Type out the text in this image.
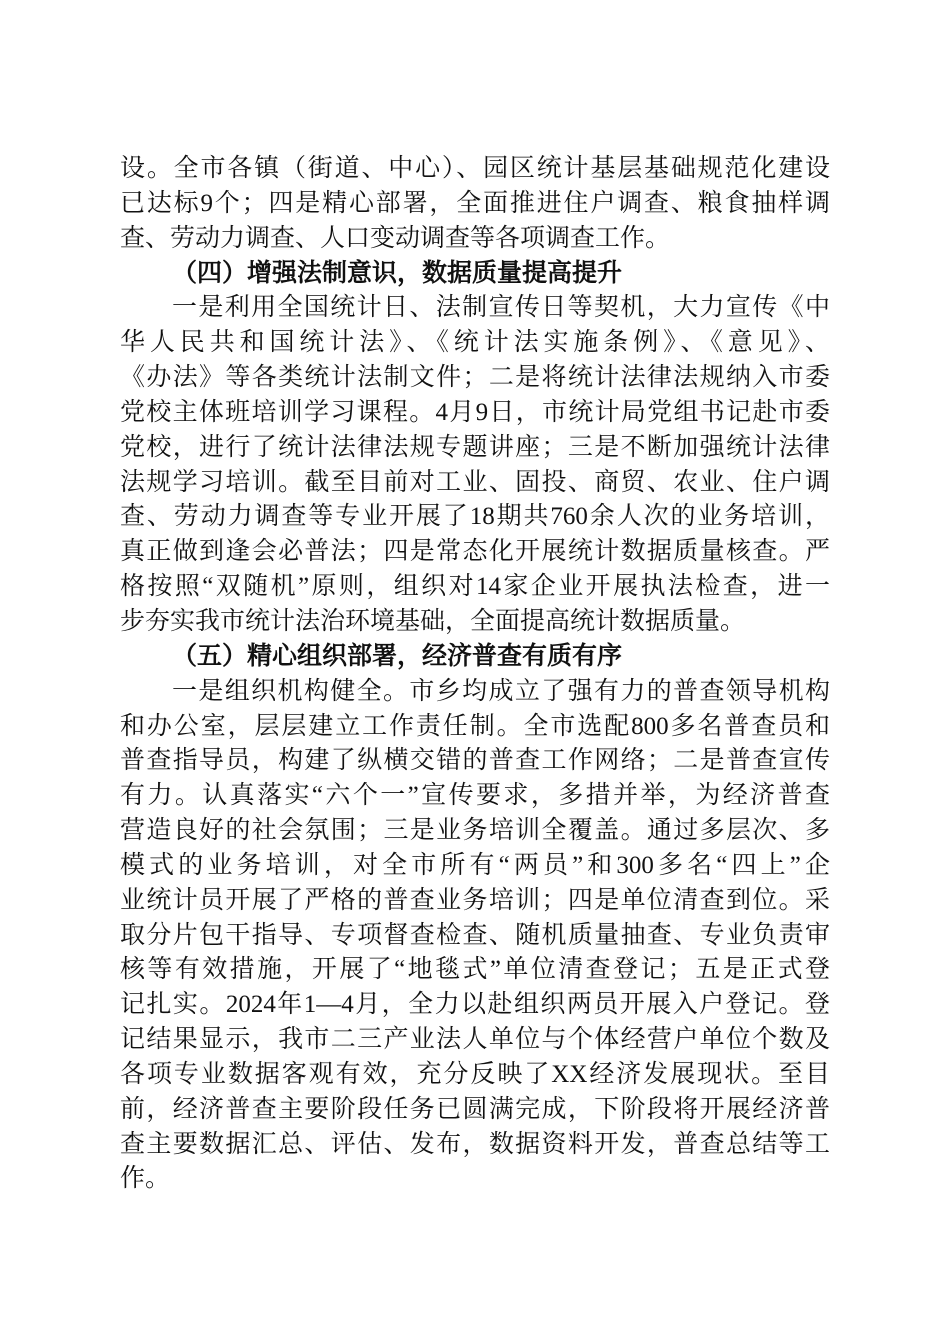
设。全市各镇（街道、中心）、园区统计基层基础规范化建设
已达标9个；四是精心部署，全面推进住户调查、粮食抽样调
查、劳动力调查、人口变动调查等各项调查工作。
（四）增强法制意识，数据质量提高提升
一是利用全国统计日、法制宣传日等契机，大力宣传《中
华人民共和国统计法》、《统计法实施条例》、《意见》、
《办法》等各类统计法制文件；二是将统计法律法规纳入市委
党校主体班培训学习课程。4月9日，市统计局党组书记赴市委
党校，进行了统计法律法规专题讲座；三是不断加强统计法律
法规学习培训。截至目前对工业、固投、商贸、农业、住户调
查、劳动力调查等专业开展了18期共760余人次的业务培训，
真正做到逢会必普法；四是常态化开展统计数据质量核查。严
格按照“双随机”原则，组织对14家企业开展执法检查，进一
步夯实我市统计法治环境基础，全面提高统计数据质量。
（五）精心组织部署，经济普查有质有序
一是组织机构健全。市乡均成立了强有力的普查领导机构
和办公室，层层建立工作责任制。全市选配800多名普查员和
普查指导员，构建了纵横交错的普查工作网络；二是普查宣传
有力。认真落实“六个一”宣传要求，多措并举，为经济普查
营造良好的社会氛围；三是业务培训全覆盖。通过多层次、多
模式的业务培训，对全市所有“两员”和300多名“四上”企
业统计员开展了严格的普查业务培训；四是单位清查到位。采
取分片包干指导、专项督查检查、随机质量抽查、专业负责审
核等有效措施，开展了“地毯式”单位清查登记；五是正式登
记扎实。2024年1—4月，全力以赴组织两员开展入户登记。登
记结果显示，我市二三产业法人单位与个体经营户单位个数及
各项专业数据客观有效，充分反映了XX经济发展现状。至目
前，经济普查主要阶段任务已圆满完成，下阶段将开展经济普
查主要数据汇总、评估、发布，数据资料开发，普查总结等工
作。
